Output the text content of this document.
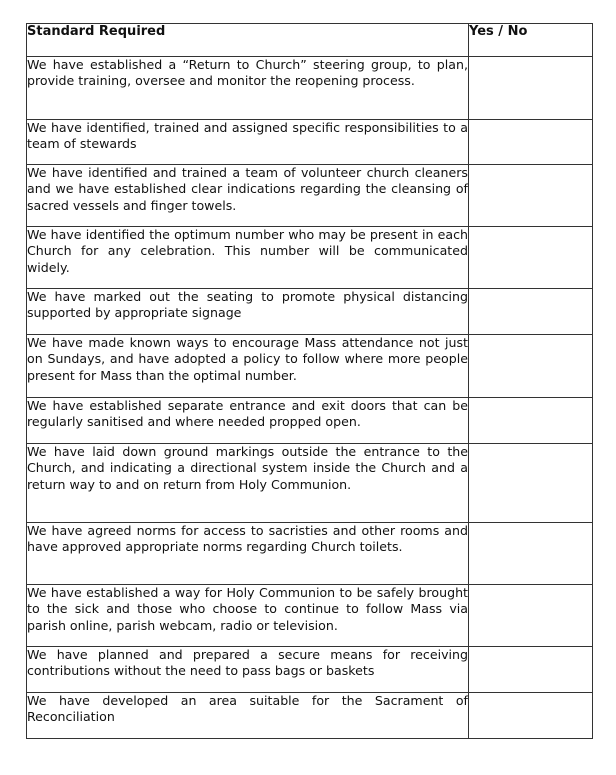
Standard Required	Yes / No
We have established a “Return to Church” steering group, to plan, provide training, oversee and monitor the reopening process.	
We have identified, trained and assigned specific responsibilities to a team of stewards	
We have identified and trained a team of volunteer church cleaners and we have established clear indications regarding the cleansing of sacred vessels and finger towels.	
We have identified the optimum number who may be present in each Church for any celebration. This number will be communicated widely.	
We have marked out the seating to promote physical distancing supported by appropriate signage	
We have made known ways to encourage Mass attendance not just on Sundays, and have adopted a policy to follow where more people present for Mass than the optimal number.	
We have established separate entrance and exit doors that can be regularly sanitised and where needed propped open.	
We have laid down ground markings outside the entrance to the Church, and indicating a directional system inside the Church and a return way to and on return from Holy Communion.	
We have agreed norms for access to sacristies and other rooms and have approved appropriate norms regarding Church toilets.	
We have established a way for Holy Communion to be safely brought to the sick and those who choose to continue to follow Mass via parish online, parish webcam, radio or television.	
We have planned and prepared a secure means for receiving contributions without the need to pass bags or baskets	
We have developed an area suitable for the Sacrament of Reconciliation	
